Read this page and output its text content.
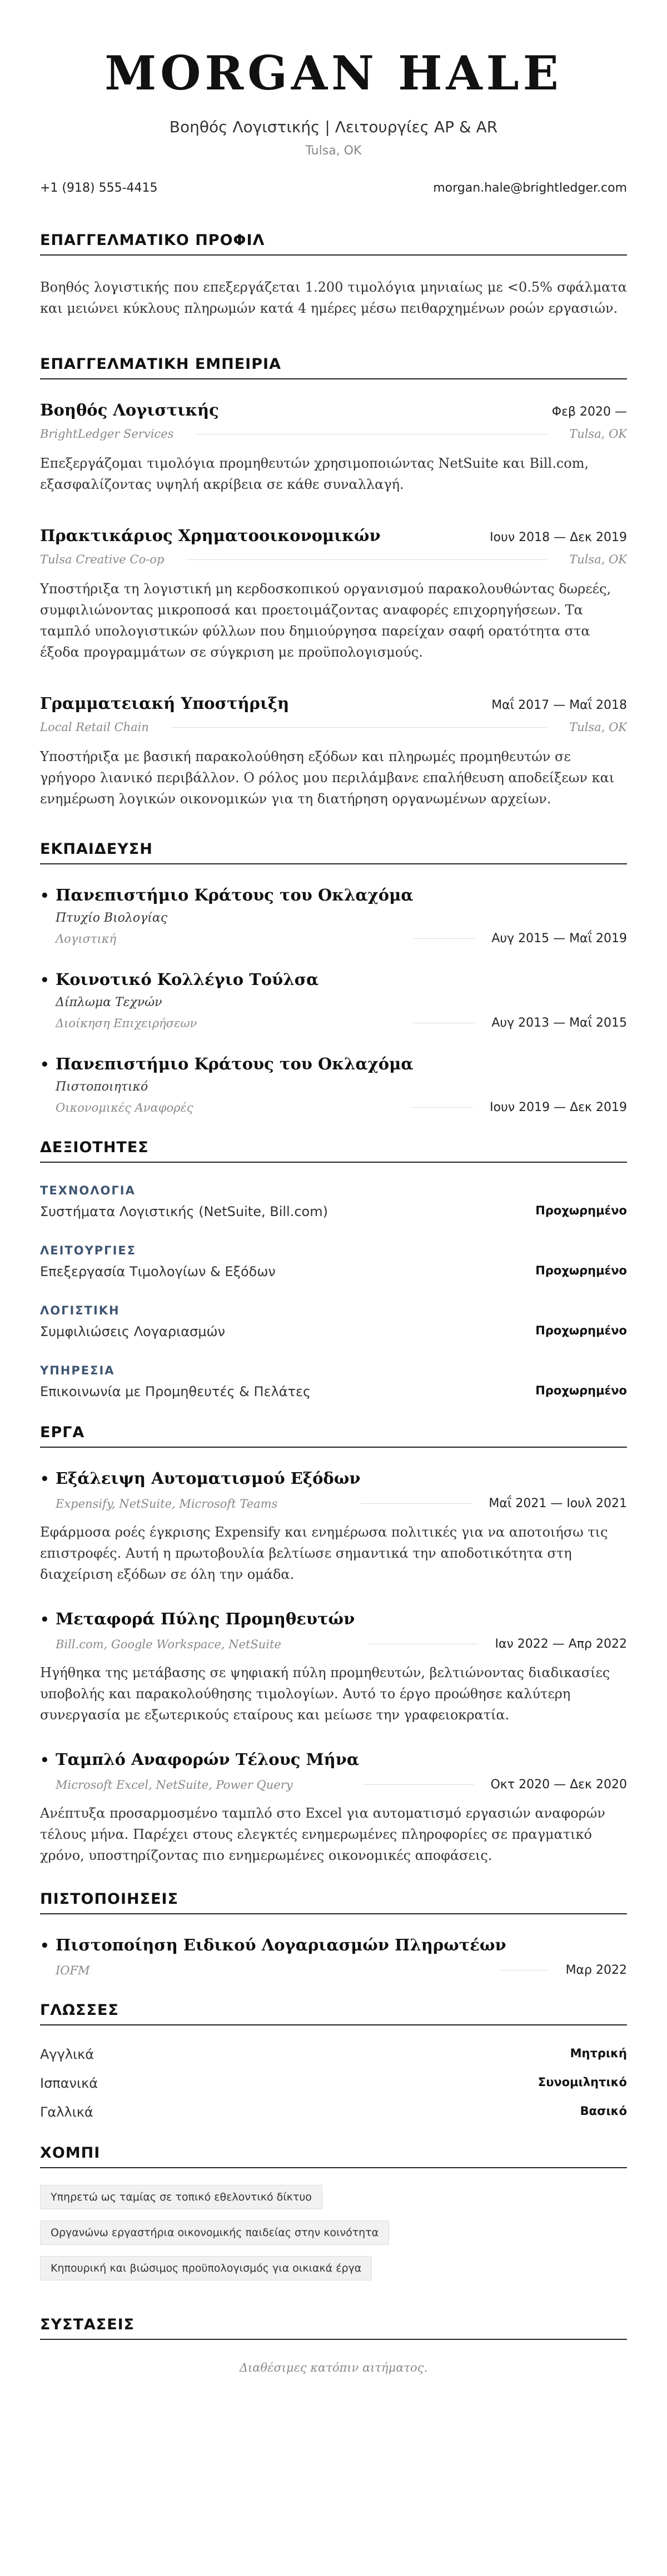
MORGAN HALE
Βοηθός Λογιστικής | Λειτουργίες AP & AR
Tulsa, OK
+1 (918) 555-4415	morgan.hale@brightledger.com
ΕΠΑΓΓΕΛΜΑΤΙΚΟ ΠΡΟΦΙΛ

Βοηθός λογιστικής που επεξεργάζεται 1.200 τιμολόγια μηνιαίως με <0.5% σφάλματα και μειώνει κύκλους πληρωμών κατά 4 ημέρες μέσω πειθαρχημένων ροών εργασιών.

ΕΠΑΓΓΕΛΜΑΤΙΚΗ ΕΜΠΕΙΡΙΑ
Βοηθός Λογιστικής	Φεβ 2020 —
BrightLedger Services	Tulsa, OK

Επεξεργάζομαι τιμολόγια προμηθευτών χρησιμοποιώντας NetSuite και Bill.com, εξασφαλίζοντας υψηλή ακρίβεια σε κάθε συναλλαγή.

Πρακτικάριος Χρηματοοικονομικών	Ιουν 2018 — Δεκ 2019
Tulsa Creative Co-op	Tulsa, OK

Υποστήριξα τη λογιστική μη κερδοσκοπικού οργανισμού παρακολουθώντας δωρεές, συμφιλιώνοντας μικροποσά και προετοιμάζοντας αναφορές επιχορηγήσεων. Τα ταμπλό υπολογιστικών φύλλων που δημιούργησα παρείχαν σαφή ορατότητα στα έξοδα προγραμμάτων σε σύγκριση με προϋπολογισμούς.

Γραμματειακή Υποστήριξη	Μαΐ 2017 — Μαΐ 2018
Local Retail Chain	Tulsa, OK

Υποστήριξα με βασική παρακολούθηση εξόδων και πληρωμές προμηθευτών σε γρήγορο λιανικό περιβάλλον. Ο ρόλος μου περιλάμβανε επαλήθευση αποδείξεων και ενημέρωση λογικών οικονομικών για τη διατήρηση οργανωμένων αρχείων.

ΕΚΠΑΙΔΕΥΣΗ
• Πανεπιστήμιο Κράτους του Οκλαχόμα
Πτυχίο Βιολογίας
Λογιστική	Αυγ 2015 — Μαΐ 2019
• Κοινοτικό Κολλέγιο Τούλσα
Δίπλωμα Τεχνών
Διοίκηση Επιχειρήσεων	Αυγ 2013 — Μαΐ 2015
• Πανεπιστήμιο Κράτους του Οκλαχόμα
Πιστοποιητικό
Οικονομικές Αναφορές	Ιουν 2019 — Δεκ 2019
ΔΕΞΙΟΤΗΤΕΣ
ΤΕΧΝΟΛΟΓΙΑ
Συστήματα Λογιστικής (NetSuite, Bill.com)	Προχωρημένο
ΛΕΙΤΟΥΡΓΙΕΣ
Επεξεργασία Τιμολογίων & Εξόδων	Προχωρημένο
ΛΟΓΙΣΤΙΚΗ
Συμφιλιώσεις Λογαριασμών	Προχωρημένο
ΥΠΗΡΕΣΙΑ
Επικοινωνία με Προμηθευτές & Πελάτες	Προχωρημένο
ΕΡΓΑ
• Εξάλειψη Αυτοματισμού Εξόδων
Expensify, NetSuite, Microsoft Teams	Μαΐ 2021 — Ιουλ 2021

Εφάρμοσα ροές έγκρισης Expensify και ενημέρωσα πολιτικές για να αποτοιήσω τις επιστροφές. Αυτή η πρωτοβουλία βελτίωσε σημαντικά την αποδοτικότητα στη διαχείριση εξόδων σε όλη την ομάδα.

• Μεταφορά Πύλης Προμηθευτών
Bill.com, Google Workspace, NetSuite	Ιαν 2022 — Απρ 2022

Ηγήθηκα της μετάβασης σε ψηφιακή πύλη προμηθευτών, βελτιώνοντας διαδικασίες υποβολής και παρακολούθησης τιμολογίων. Αυτό το έργο προώθησε καλύτερη συνεργασία με εξωτερικούς εταίρους και μείωσε την γραφειοκρατία.

• Ταμπλό Αναφορών Τέλους Μήνα
Microsoft Excel, NetSuite, Power Query	Οκτ 2020 — Δεκ 2020

Ανέπτυξα προσαρμοσμένο ταμπλό στο Excel για αυτοματισμό εργασιών αναφορών τέλους μήνα. Παρέχει στους ελεγκτές ενημερωμένες πληροφορίες σε πραγματικό χρόνο, υποστηρίζοντας πιο ενημερωμένες οικονομικές αποφάσεις.

ΠΙΣΤΟΠΟΙΗΣΕΙΣ
• Πιστοποίηση Ειδικού Λογαριασμών Πληρωτέων
IOFM	Μαρ 2022
ΓΛΩΣΣΕΣ
Αγγλικά	Μητρική
Ισπανικά	Συνομιλητικό
Γαλλικά	Βασικό
ΧΟΜΠΙ
Υπηρετώ ως ταμίας σε τοπικό εθελοντικό δίκτυο
Οργανώνω εργαστήρια οικονομικής παιδείας στην κοινότητα
Κηπουρική και βιώσιμος προϋπολογισμός για οικιακά έργα
ΣΥΣΤΑΣΕΙΣ

Διαθέσιμες κατόπιν αιτήματος.
